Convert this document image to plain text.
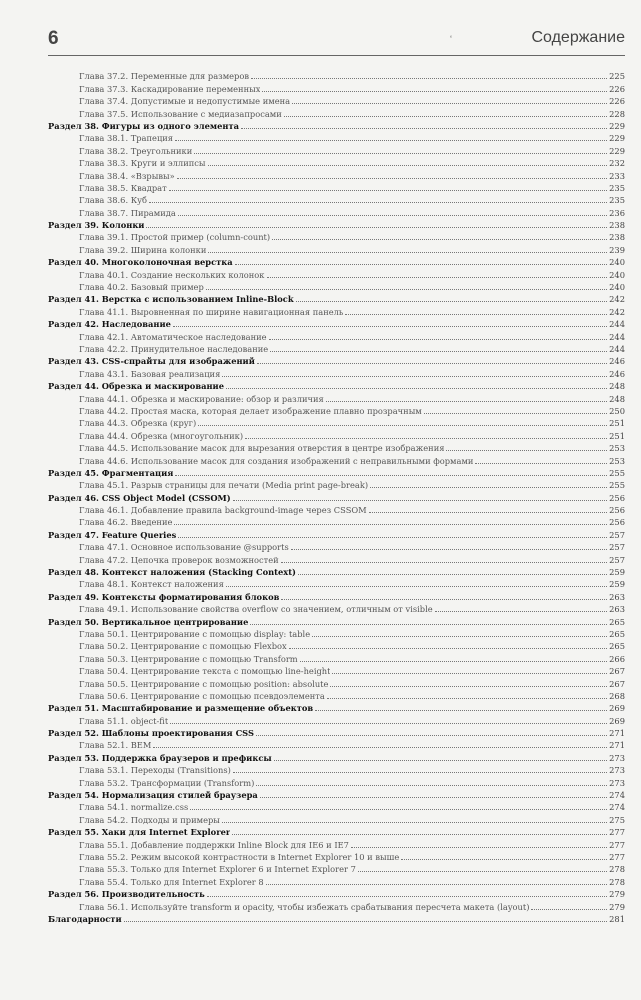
6	ʻ	Содержание
Глава 37.2. Переменные для размеров	225
Глава 37.3. Каскадирование переменных	226
Глава 37.4. Допустимые и недопустимые имена	226
Глава 37.5. Использование с медиазапросами	228
Раздел 38. Фигуры из одного элемента	229
Глава 38.1. Трапеция	229
Глава 38.2. Треугольники	229
Глава 38.3. Круги и эллипсы	232
Глава 38.4. «Взрывы»	233
Глава 38.5. Квадрат	235
Глава 38.6. Куб	235
Глава 38.7. Пирамида	236
Раздел 39. Колонки	238
Глава 39.1. Простой пример (column-count)	238
Глава 39.2. Ширина колонки	239
Раздел 40. Многоколоночная верстка	240
Глава 40.1. Создание нескольких колонок	240
Глава 40.2. Базовый пример	240
Раздел 41. Верстка с использованием Inline-Block	242
Глава 41.1. Выровненная по ширине навигационная панель	242
Раздел 42. Наследование	244
Глава 42.1. Автоматическое наследование	244
Глава 42.2. Принудительное наследование	244
Раздел 43. CSS-спрайты для изображений	246
Глава 43.1. Базовая реализация	246
Раздел 44. Обрезка и маскирование	248
Глава 44.1. Обрезка и маскирование: обзор и различия	248
Глава 44.2. Простая маска, которая делает изображение плавно прозрачным	250
Глава 44.3. Обрезка (круг)	251
Глава 44.4. Обрезка (многоугольник)	251
Глава 44.5. Использование масок для вырезания отверстия в центре изображения	253
Глава 44.6. Использование масок для создания изображений с неправильными формами	253
Раздел 45. Фрагментация	255
Глава 45.1. Разрыв страницы для печати (Media print page-break)	255
Раздел 46. CSS Object Model (CSSOM)	256
Глава 46.1. Добавление правила background-image через CSSOM	256
Глава 46.2. Введение	256
Раздел 47. Feature Queries	257
Глава 47.1. Основное использование @supports	257
Глава 47.2. Цепочка проверок возможностей	257
Раздел 48. Контекст наложения (Stacking Context)	259
Глава 48.1. Контекст наложения	259
Раздел 49. Контексты форматирования блоков	263
Глава 49.1. Использование свойства overflow со значением, отличным от visible	263
Раздел 50. Вертикальное центрирование	265
Глава 50.1. Центрирование с помощью display: table	265
Глава 50.2. Центрирование с помощью Flexbox	265
Глава 50.3. Центрирование с помощью Transform	266
Глава 50.4. Центрирование текста с помощью line-height	267
Глава 50.5. Центрирование с помощью position: absolute	267
Глава 50.6. Центрирование с помощью псевдоэлемента	268
Раздел 51. Масштабирование и размещение объектов	269
Глава 51.1. object-fit	269
Раздел 52. Шаблоны проектирования CSS	271
Глава 52.1. BEM	271
Раздел 53. Поддержка браузеров и префиксы	273
Глава 53.1. Переходы (Transitions)	273
Глава 53.2. Трансформации (Transform)	273
Раздел 54. Нормализация стилей браузера	274
Глава 54.1. normalize.css	274
Глава 54.2. Подходы и примеры	275
Раздел 55. Хаки для Internet Explorer	277
Глава 55.1. Добавление поддержки Inline Block для IE6 и IE7	277
Глава 55.2. Режим высокой контрастности в Internet Explorer 10 и выше	277
Глава 55.3. Только для Internet Explorer 6 и Internet Explorer 7	278
Глава 55.4. Только для Internet Explorer 8	278
Раздел 56. Производительность	279
Глава 56.1. Используйте transform и opacity, чтобы избежать срабатывания пересчета макета (layout)	279
Благодарности	281
